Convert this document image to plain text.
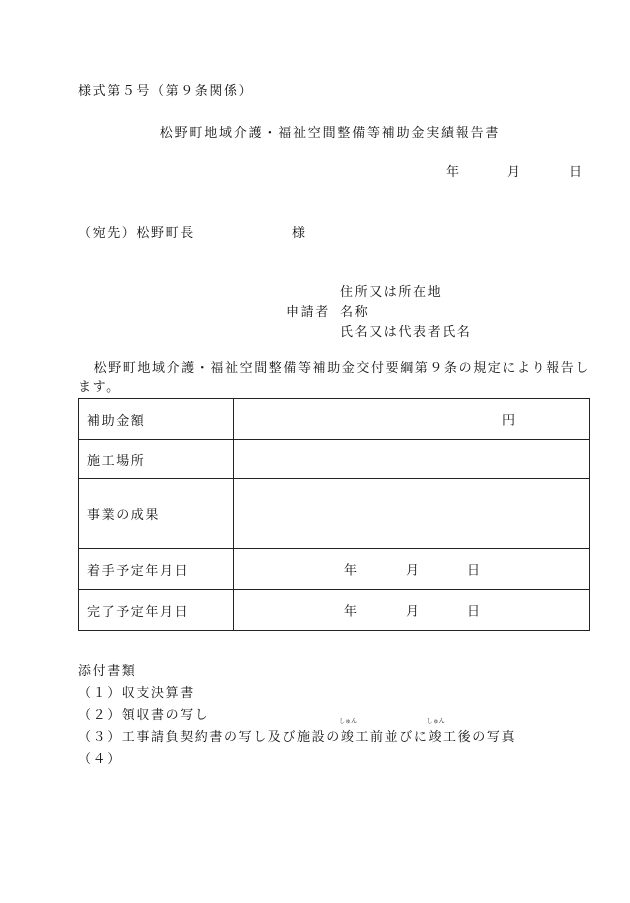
様式第５号（第９条関係）
松野町地域介護・福祉空間整備等補助金実績報告書
年	月	日
（宛先）松野町長	様
申請者
住所又は所在地
名称
氏名又は代表者氏名
松野町地域介護・福祉空間整備等補助金交付要綱第９条の規定により報告します。
補助金額	円

施工場所	
事業の成果	
着手予定年月日	年 月 日

完了予定年月日	年 月 日
添付書類
（１）収支決算書
（２）領収書の写し
（３）工事請負契約書の写し及び施設の
しゅん
竣工前並びに
しゅん
竣工後の写真
（４）
